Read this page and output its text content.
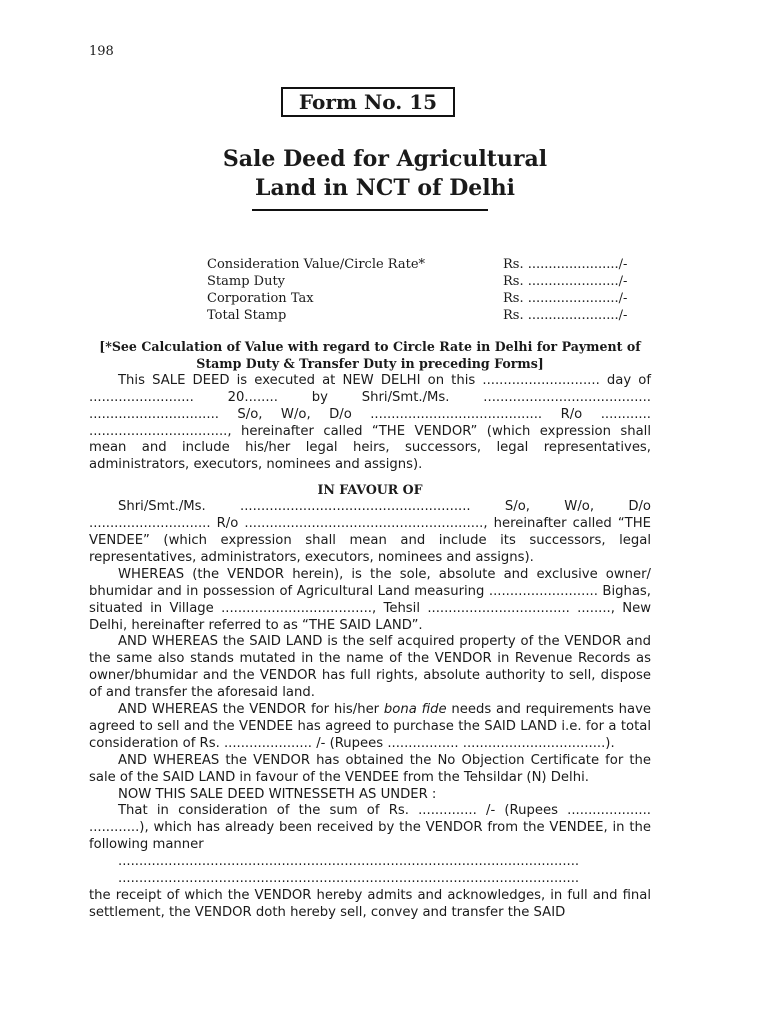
198
Form No. 15
Sale Deed for Agricultural
Land in NCT of Delhi
Consideration Value/Circle Rate*	Rs. ....................../-
Stamp Duty	Rs. ....................../-
Corporation Tax	Rs. ....................../-
Total Stamp	Rs. ....................../-

[*See Calculation of Value with regard to Circle Rate in Delhi for Payment of Stamp Duty & Transfer Duty in preceding Forms]

This SALE DEED is executed at NEW DELHI on this ............................ day of ......................... 20........ by Shri/Smt./Ms. ........................................ ............................... S/o, W/o, D/o ......................................... R/o ............ ................................., hereinafter called “THE VENDOR” (which expression shall mean and include his/her legal heirs, successors, legal representatives, administrators, executors, nominees and assigns).

IN FAVOUR OF

Shri/Smt./Ms. ....................................................... S/o, W/o, D/o ............................. R/o ........................................................., hereinafter called “THE VENDEE” (which expression shall mean and include its successors, legal representatives, administrators, executors, nominees and assigns).

WHEREAS (the VENDOR herein), is the sole, absolute and exclusive owner/ bhumidar and in possession of Agricultural Land measuring .......................... Bighas, situated in Village ...................................., Tehsil .................................. ........, New Delhi, hereinafter referred to as “THE SAID LAND”.

AND WHEREAS the SAID LAND is the self acquired property of the VENDOR and the same also stands mutated in the name of the VENDOR in Revenue Records as owner/bhumidar and the VENDOR has full rights, absolute authority to sell, dispose of and transfer the aforesaid land.

AND WHEREAS the VENDOR for his/her bona fide needs and requirements have agreed to sell and the VENDEE has agreed to purchase the SAID LAND i.e. for a total consideration of Rs. ..................... /- (Rupees ................. ..................................).

AND WHEREAS the VENDOR has obtained the No Objection Certificate for the sale of the SAID LAND in favour of the VENDEE from the Tehsildar (N) Delhi.

NOW THIS SALE DEED WITNESSETH AS UNDER :

That in consideration of the sum of Rs. .............. /- (Rupees .................... ............), which has already been received by the VENDOR from the VENDEE, in the following manner

..............................................................................................................

..............................................................................................................

the receipt of which the VENDOR hereby admits and acknowledges, in full and final settlement, the VENDOR doth hereby sell, convey and transfer the SAID
